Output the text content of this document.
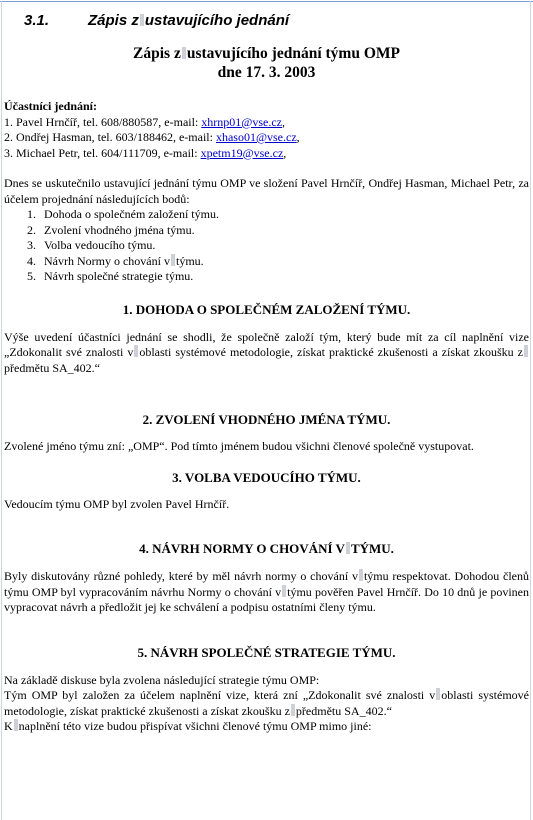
3.1.	Zápis z ustavujícího jednání
Zápis z ustavujícího jednání týmu OMP
dne 17. 3. 2003
Účastníci jednání:
1. Pavel Hrnčíř, tel. 608/880587, e-mail: xhrnp01@vse.cz,
2. Ondřej Hasman, tel. 603/188462, e-mail: xhaso01@vse.cz,
3. Michael Petr, tel. 604/111709, e-mail: xpetm19@vse.cz,

Dnes se uskutečnilo ustavující jednání týmu OMP ve složení Pavel Hrnčíř, Ondřej Hasman, Michael Petr, za účelem projednání následujících bodů:

1. Dohoda o společném založení týmu.
2. Zvolení vhodného jména týmu.
3. Volba vedoucího týmu.
4. Návrh Normy o chování v týmu.
5. Návrh společné strategie týmu.
1. DOHODA O SPOLEČNÉM ZALOŽENÍ TÝMU.

Výše uvedení účastníci jednání se shodli, že společně založí tým, který bude mít za cíl naplnění vize „Zdokonalit své znalosti v oblasti systémové metodologie, získat praktické zkušenosti a získat zkoušku zpředmětu SA_402.“

2. ZVOLENÍ VHODNÉHO JMÉNA TÝMU.

Zvolené jméno týmu zní: „OMP“. Pod tímto jménem budou všichni členové společně vystupovat.

3. VOLBA VEDOUCÍHO TÝMU.

Vedoucím týmu OMP byl zvolen Pavel Hrnčíř.

4. NÁVRH NORMY O CHOVÁNÍ V TÝMU.

Byly diskutovány různé pohledy, které by měl návrh normy o chování v týmu respektovat. Dohodou členů týmu OMP byl vypracováním návrhu Normy o chování v týmu pověřen Pavel Hrnčíř. Do 10 dnů je povinen vypracovat návrh a předložit jej ke schválení a podpisu ostatními členy týmu.

5. NÁVRH SPOLEČNÉ STRATEGIE TÝMU.

Na základě diskuse byla zvolena následující strategie týmu OMP:

Tým OMP byl založen za účelem naplnění vize, která zní „Zdokonalit své znalosti v oblasti systémové metodologie, získat praktické zkušenosti a získat zkoušku z předmětu SA_402.“

K naplnění této vize budou přispívat všichni členové týmu OMP mimo jiné:
